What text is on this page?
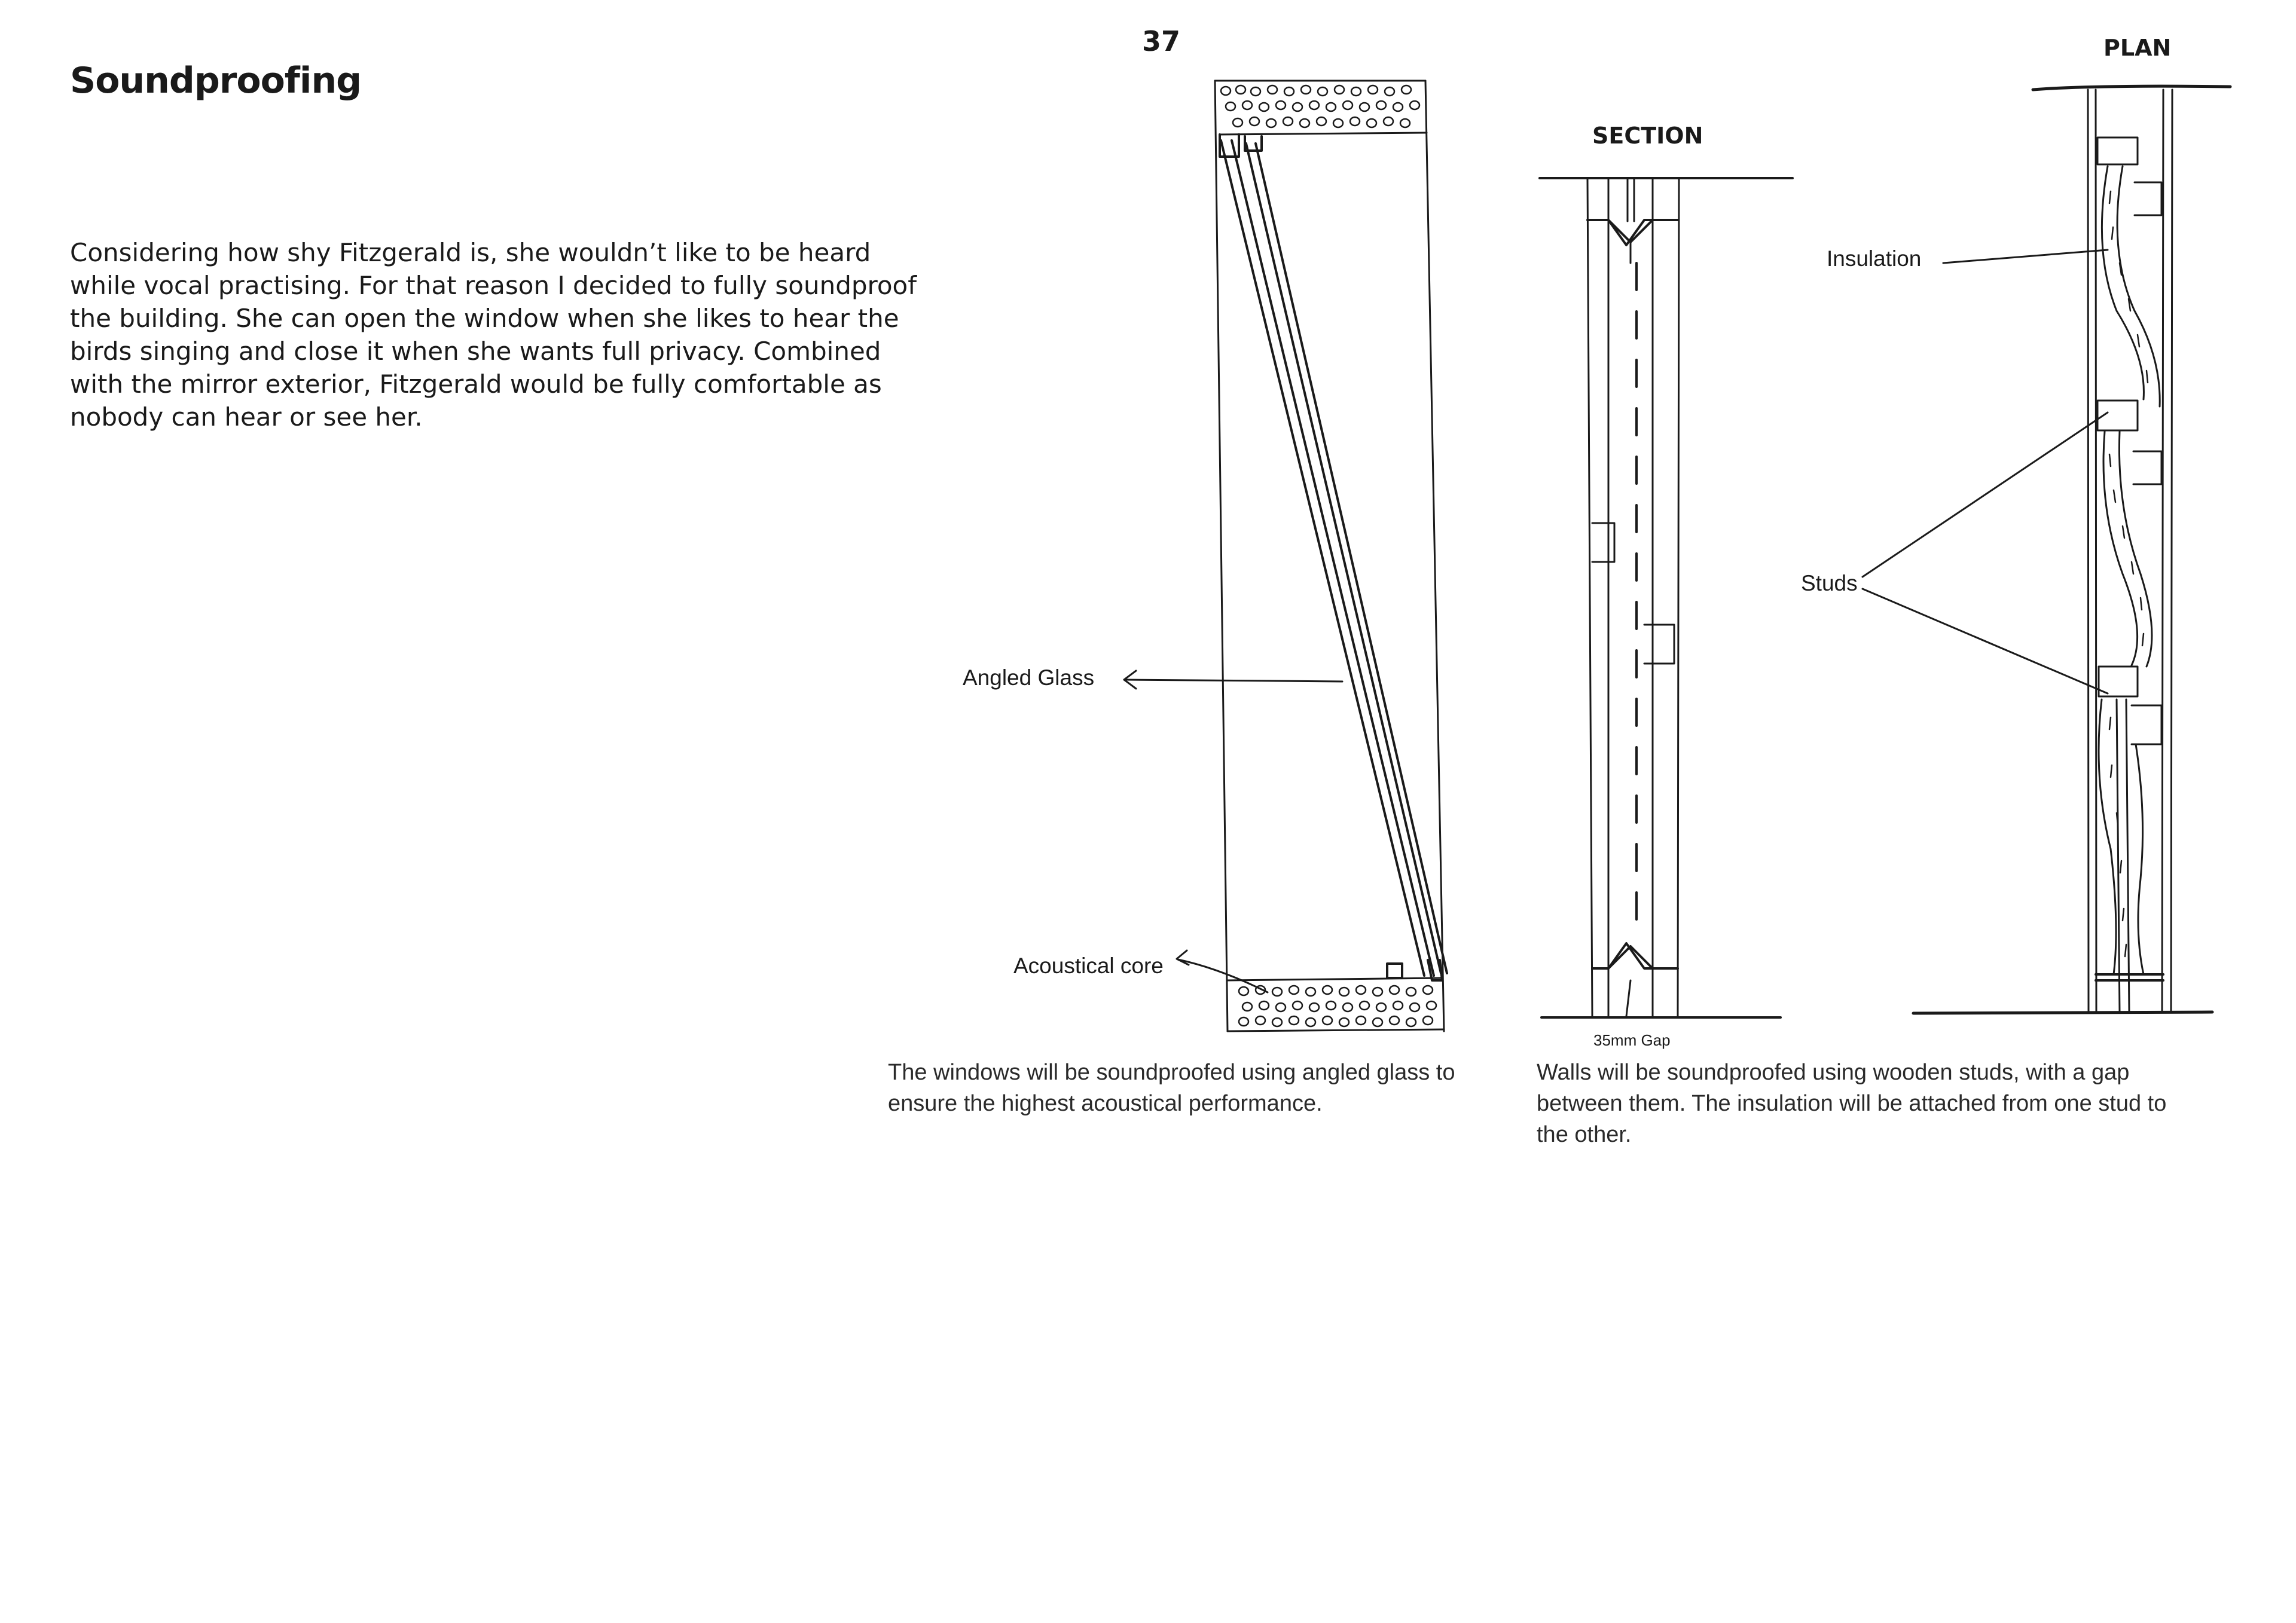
Soundproofing
37

Considering how shy Fitzgerald is, she wouldn’t like to be heard while vocal practising. For that reason I decided to fully soundproof the building. She can open the window when she likes to hear the birds singing and close it when she wants full privacy. Combined with the mirror exterior, Fitzgerald would be fully comfortable as nobody can hear or see her.

Angled Glass
Acoustical core

The windows will be soundproofed using angled glass to ensure the highest acoustical performance.

SECTION
PLAN
Insulation
Studs
35mm Gap

Walls will be soundproofed using wooden studs, with a gap between them. The insulation will be attached from one stud to the other.
